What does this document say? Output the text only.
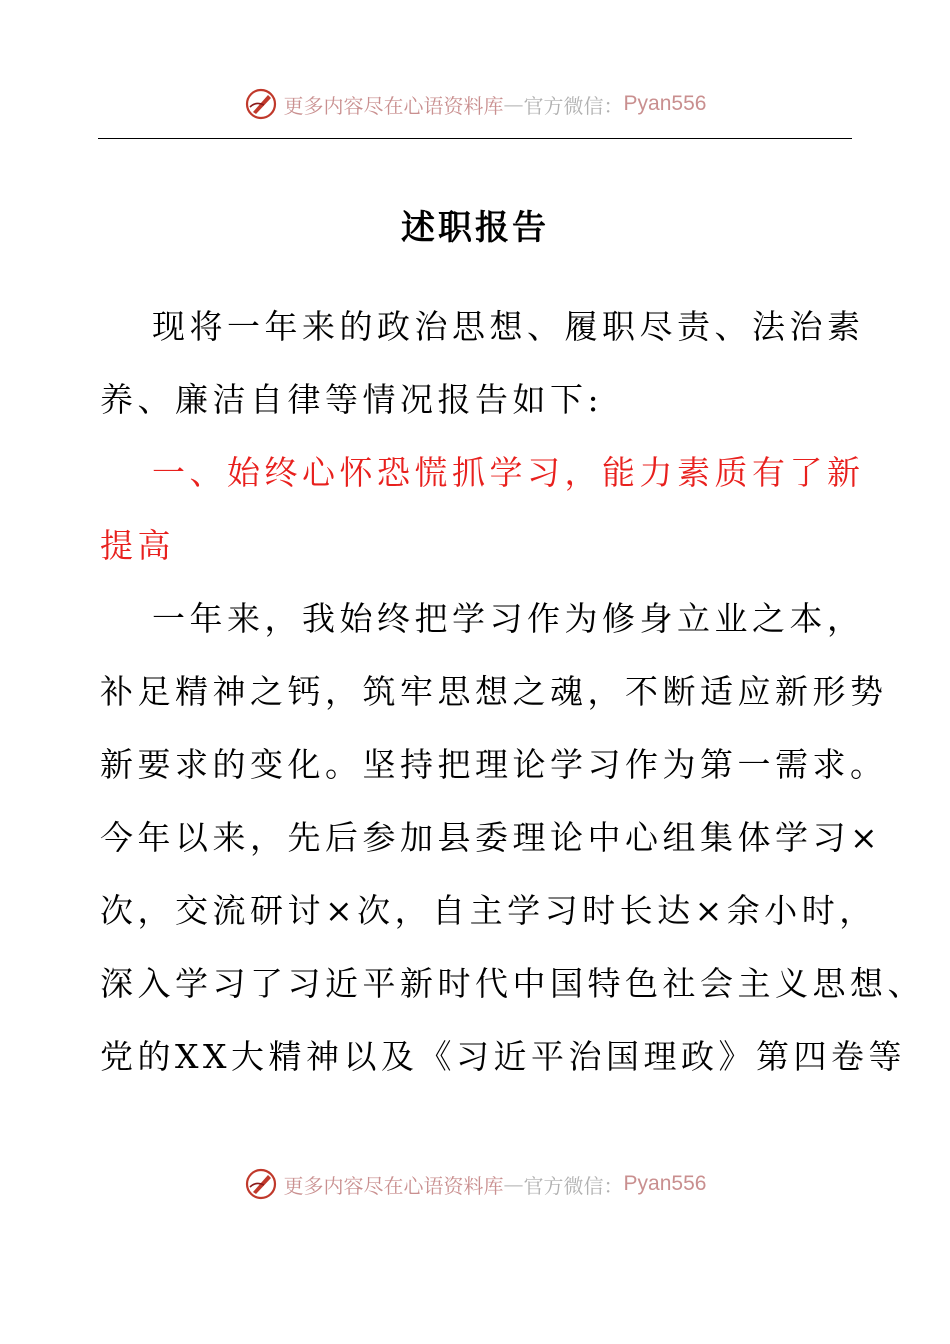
更多内容尽在心语资料库 — 官方微信： Pyan556
述职报告
现将一年来的政治思想、履职尽责、法治素
养、廉洁自律等情况报告如下:
一、始终心怀恐慌抓学习，能力素质有了新
提高
一年来，我始终把学习作为修身立业之本，
补足精神之钙，筑牢思想之魂，不断适应新形势
新要求的变化。坚持把理论学习作为第一需求。
今年以来，先后参加县委理论中心组集体学习×
次，交流研讨×次，自主学习时长达×余小时，
深入学习了习近平新时代中国特色社会主义思想、
党的XX大精神以及《习近平治国理政》第四卷等
更多内容尽在心语资料库 — 官方微信： Pyan556
